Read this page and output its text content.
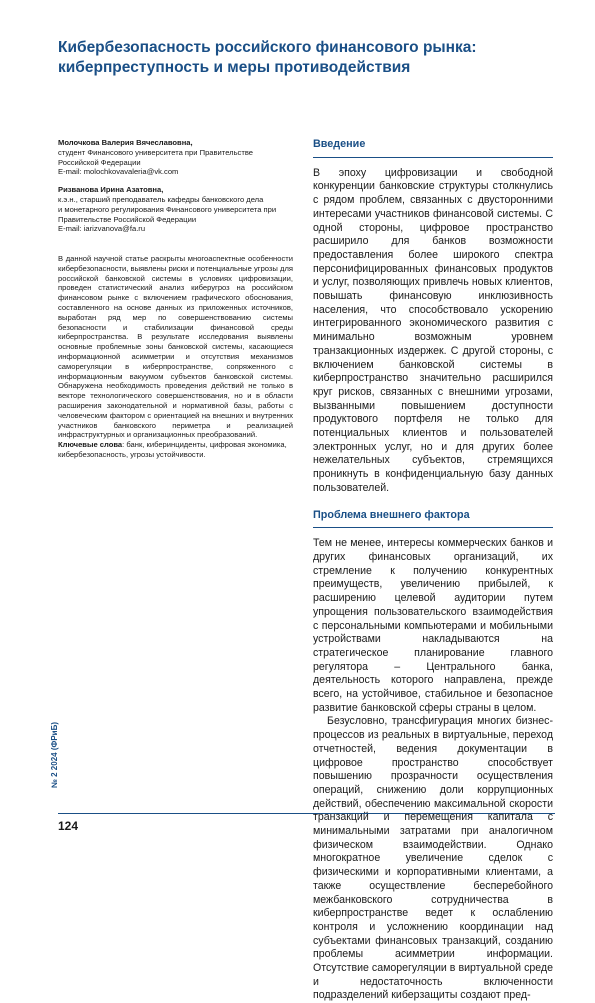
Кибербезопасность российского финансового рынка: киберпреступность и меры противодействия
Молочкова Валерия Вячеславовна,
студент Финансового университета при Правительстве
Российской Федерации
E-mail: molochkovavaleria@vk.com
Ризванова Ирина Азатовна,
к.э.н., старший преподаватель кафедры банковского дела
и монетарного регулирования Финансового университета при
Правительстве Российской Федерации
E-mail: iarizvanova@fa.ru

В данной научной статье раскрыты многоаспектные особенности кибербезопасности, выявлены риски и потенциальные угрозы для российской банковской системы в условиях цифровизации, проведен статистический анализ киберугроз на российском финансовом рынке с включением графического обоснования, составленного на основе данных из приложенных источников, выработан ряд мер по совершенствованию системы безопасности и стабилизации финансовой среды киберпространства. В результате исследования выявлены основные проблемные зоны банковской системы, касающиеся информационной асимметрии и отсутствия механизмов саморегуляции в киберпространстве, сопряженного с информационным вакуумом субъектов банковской системы. Обнаружена необходимость проведения действий не только в векторе технологического совершенствования, но и в области расширения законодательной и нормативной базы, работы с человеческим фактором с ориентацией на внешних и внутренних участников банковского периметра и реализацией инфраструктурных и организационных преобразований.

Ключевые слова: банк, киберинциденты, цифровая экономика, кибербезопасность, угрозы устойчивости.

Введение

В эпоху цифровизации и свободной конкуренции банковские структуры столкнулись с рядом проблем, связанных с двусторонними интересами участников финансовой системы. С одной стороны, цифровое пространство расширило для банков возможности предоставления более широкого спектра персонифицированных финансовых продуктов и услуг, позволяющих привлечь новых клиентов, повышать финансовую инклюзивность населения, что способствовало ускорению интегрированного экономического развития с минимально возможным уровнем транзакционных издержек. С другой стороны, с включением банковской системы в киберпространство значительно расширился круг рисков, связанных с внешними угрозами, вызванными повышением доступности продуктового портфеля не только для потенциальных клиентов и пользователей электронных услуг, но и для других более нежелательных субъектов, стремящихся проникнуть в конфиденциальную базу данных пользователей.

Проблема внешнего фактора

Тем не менее, интересы коммерческих банков и других финансовых организаций, их стремление к получению конкурентных преимуществ, увеличению прибылей, к расширению целевой аудитории путем упрощения пользовательского взаимодействия с персональными компьютерами и мобильными устройствами накладываются на стратегическое планирование главного регулятора – Центрального банка, деятельность которого направлена, прежде всего, на устойчивое, стабильное и безопасное развитие банковской сферы страны в целом.

Безусловно, трансфигурация многих бизнес-процессов из реальных в виртуальные, переход отчетностей, ведения документации в цифровое пространство способствует повышению прозрачности осуществления операций, снижению доли коррупционных действий, обеспечению максимальной скорости транзакций и перемещения капитала с минимальными затратами при аналогичном физическом взаимодействии. Однако многократное увеличение сделок с физическими и корпоративными клиентами, а также осуществление бесперебойного межбанковского сотрудничества в киберпространстве ведет к ослаблению контроля и усложнению координации над субъектами финансовых транзакций, созданию проблемы асимметрии информации. Отсутствие саморегуляции в виртуальной среде и недостаточность включенности подразделений киберзащиты создают пред-

№ 2 2024 (ФРиБ)
124
